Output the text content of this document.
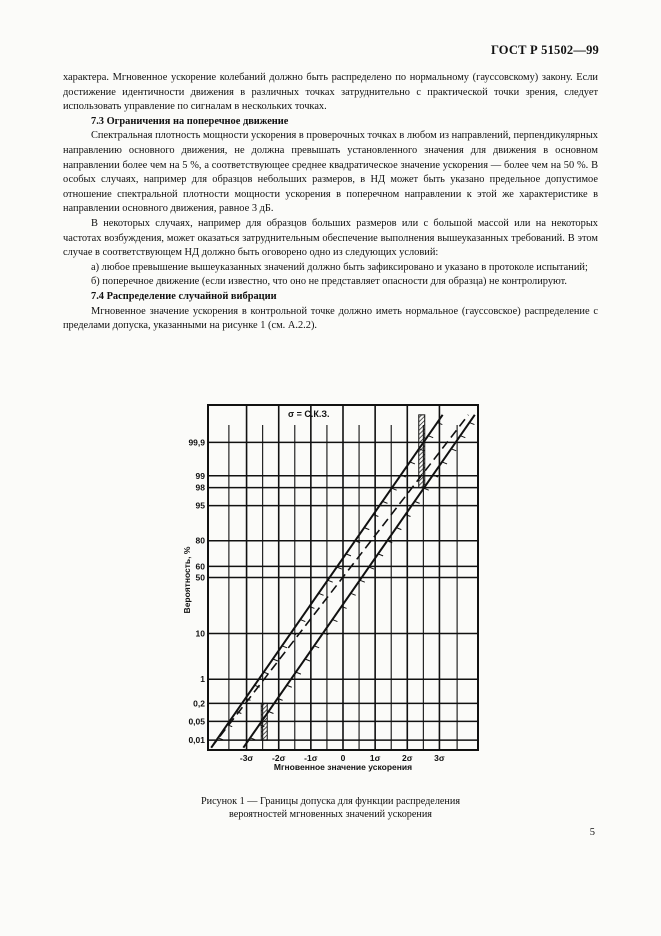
ГОСТ Р 51502—99

характера. Мгновенное ускорение колебаний должно быть распределено по нормальному (гауссовскому) закону. Если достижение идентичности движения в различных точках затруднительно с практической точки зрения, следует использовать управление по сигналам в нескольких точках.

7.3 Ограничения на поперечное движение

Спектральная плотность мощности ускорения в проверочных точках в любом из направлений, перпендикулярных направлению основного движения, не должна превышать установленного значения для движения в основном направлении более чем на 5 %, а соответствующее среднее квадратическое значение ускорения — более чем на 50 %. В особых случаях, например для образцов небольших размеров, в НД может быть указано предельное допустимое отношение спектральной плотности мощности ускорения в поперечном направлении к этой же характеристике в направлении основного движения, равное 3 дБ.

В некоторых случаях, например для образцов больших размеров или с большой массой или на некоторых частотах возбуждения, может оказаться затруднительным обеспечение выполнения вышеуказанных требований. В этом случае в соответствующем НД должно быть оговорено одно из следующих условий:

а) любое превышение вышеуказанных значений должно быть зафиксировано и указано в протоколе испытаний;

б) поперечное движение (если известно, что оно не представляет опасности для образца) не контролируют.

7.4 Распределение случайной вибрации

Мгновенное значение ускорения в контрольной точке должно иметь нормальное (гауссовское) распределение с пределами допуска, указанными на рисунке 1 (см. А.2.2).

-3σ -2σ -1σ	0	1σ	2σ	3σ
99,9
99
98
95
80
60
50
10
1
0,2
0,05
0,01
σ = С.К.З.
Мгновенное значение ускорения
Вероятность, %
Рисунок 1 — Границы допуска для функции распределения
вероятностей мгновенных значений ускорения
5
